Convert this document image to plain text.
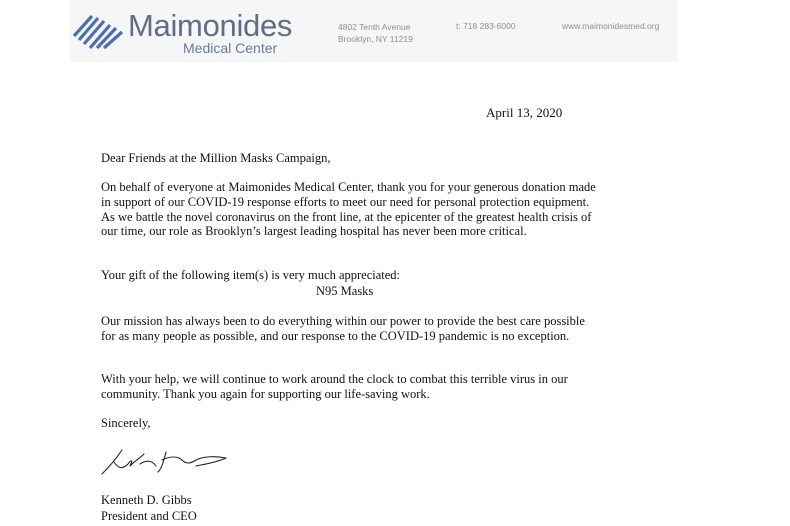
Maimonides
Medical Center
4802 Tenth Avenue
Brooklyn, NY 11219
t: 718 283-6000	www.maimonidesmed.org
April 13, 2020
Dear Friends at the Million Masks Campaign,
On behalf of everyone at Maimonides Medical Center, thank you for your generous donation made in support of our COVID-19 response efforts to meet our need for personal protection equipment. As we battle the novel coronavirus on the front line, at the epicenter of the greatest health crisis of our time, our role as Brooklyn’s largest leading hospital has never been more critical.
Your gift of the following item(s) is very much appreciated:
N95 Masks
Our mission has always been to do everything within our power to provide the best care possible for as many people as possible, and our response to the COVID-19 pandemic is no exception.
With your help, we will continue to work around the clock to combat this terrible virus in our community. Thank you again for supporting our life-saving work.
Sincerely,
Kenneth D. Gibbs
President and CEO
